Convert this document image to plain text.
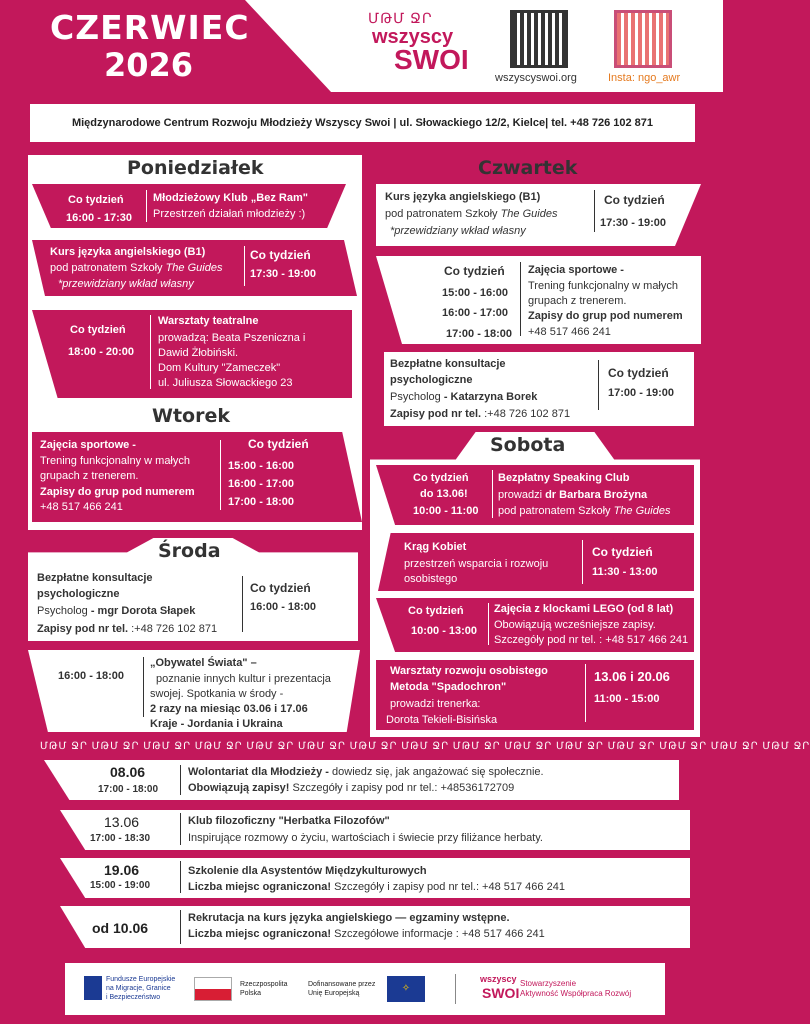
CZERWIEC
2026
ՄԹՄ ՋՐ
wszyscy
SWOI
wszyscyswoi.org	Insta: ngo_awr
Międzynarodowe Centrum Rozwoju Młodzieży Wszyscy Swoi | ul. Słowackiego 12/2, Kielce| tel. +48 726 102 871
Poniedziałek
Co tydzień
16:00 - 17:30
Młodzieżowy Klub „Bez Ram"
Przestrzeń działań młodzieży :)
Kurs języka angielskiego (B1)
pod patronatem Szkoły The Guides
*przewidziany wkład własny
Co tydzień
17:30 - 19:00
Co tydzień
18:00 - 20:00
Warsztaty teatralne
prowadzą: Beata Pszeniczna i
Dawid Żłobiński.
Dom Kultury "Zameczek"
ul. Juliusza Słowackiego 23
Wtorek
Zajęcia sportowe -
Trening funkcjonalny w małych
grupach z trenerem.
Zapisy do grup pod numerem
+48 517 466 241
Co tydzień
15:00 - 16:00
16:00 - 17:00
17:00 - 18:00
Środa
Bezpłatne konsultacje
psychologiczne
Psycholog - mgr Dorota Słapek
Zapisy pod nr tel. :+48 726 102 871
Co tydzień
16:00 - 18:00
16:00 - 18:00
„Obywatel Świata" –
poznanie innych kultur i prezentacja
swojej. Spotkania w środy -
2 razy na miesiąc 03.06 i 17.06
Kraje - Jordania i Ukraina
Czwartek
Kurs języka angielskiego (B1)
pod patronatem Szkoły The Guides
*przewidziany wkład własny
Co tydzień
17:30 - 19:00
Co tydzień
15:00 - 16:00
16:00 - 17:00
17:00 - 18:00
Zajęcia sportowe -
Trening funkcjonalny w małych
grupach z trenerem.
Zapisy do grup pod numerem
+48 517 466 241
Bezpłatne konsultacje
psychologiczne
Psycholog - Katarzyna Borek
Zapisy pod nr tel. :+48 726 102 871
Co tydzień
17:00 - 19:00
Sobota
Co tydzień
do 13.06!
10:00 - 11:00
Bezpłatny Speaking Club
prowadzi dr Barbara Brożyna
pod patronatem Szkoły The Guides
Krąg Kobiet
przestrzeń wsparcia i rozwoju
osobistego
Co tydzień
11:30 - 13:00
Co tydzień
10:00 - 13:00
Zajęcia z klockami LEGO (od 8 lat)
Obowiązują wcześniejsze zapisy.
Szczegóły pod nr tel. : +48 517 466 241
Warsztaty rozwoju osobistego
Metoda "Spadochron"
prowadzi trenerka:
Dorota Tekieli-Bisińska
13.06 i 20.06
11:00 - 15:00
ՄԹՄ ՋՐ ՄԹՄ ՋՐ ՄԹՄ ՋՐ ՄԹՄ ՋՐ ՄԹՄ ՋՐ ՄԹՄ ՋՐ ՄԹՄ ՋՐ ՄԹՄ ՋՐ ՄԹՄ ՋՐ ՄԹՄ ՋՐ ՄԹՄ ՋՐ ՄԹՄ ՋՐ ՄԹՄ ՋՐ ՄԹՄ ՋՐ ՄԹՄ ՋՐ
08.06
17:00 - 18:00
Wolontariat dla Młodzieży - dowiedz się, jak angażować się społecznie.
Obowiązują zapisy! Szczegóły i zapisy pod nr tel.: +48536172709
13.06
17:00 - 18:30
Klub filozoficzny "Herbatka Filozofów"
Inspirujące rozmowy o życiu, wartościach i świecie przy filiżance herbaty.
19.06
15:00 - 19:00
Szkolenie dla Asystentów Międzykulturowych
Liczba miejsc ograniczona! Szczegóły i zapisy pod nr tel.: +48 517 466 241
od 10.06
Rekrutacja na kurs języka angielskiego — egzaminy wstępne.
Liczba miejsc ograniczona! Szczegółowe informacje : +48 517 466 241
Fundusze Europejskie
na Migracje, Granice
i Bezpieczeństwo
Rzeczpospolita
Polska
Dofinansowane przez
Unię Europejską	✧
wszyscy
SWOI
Stowarzyszenie
Aktywność Współpraca Rozwój
